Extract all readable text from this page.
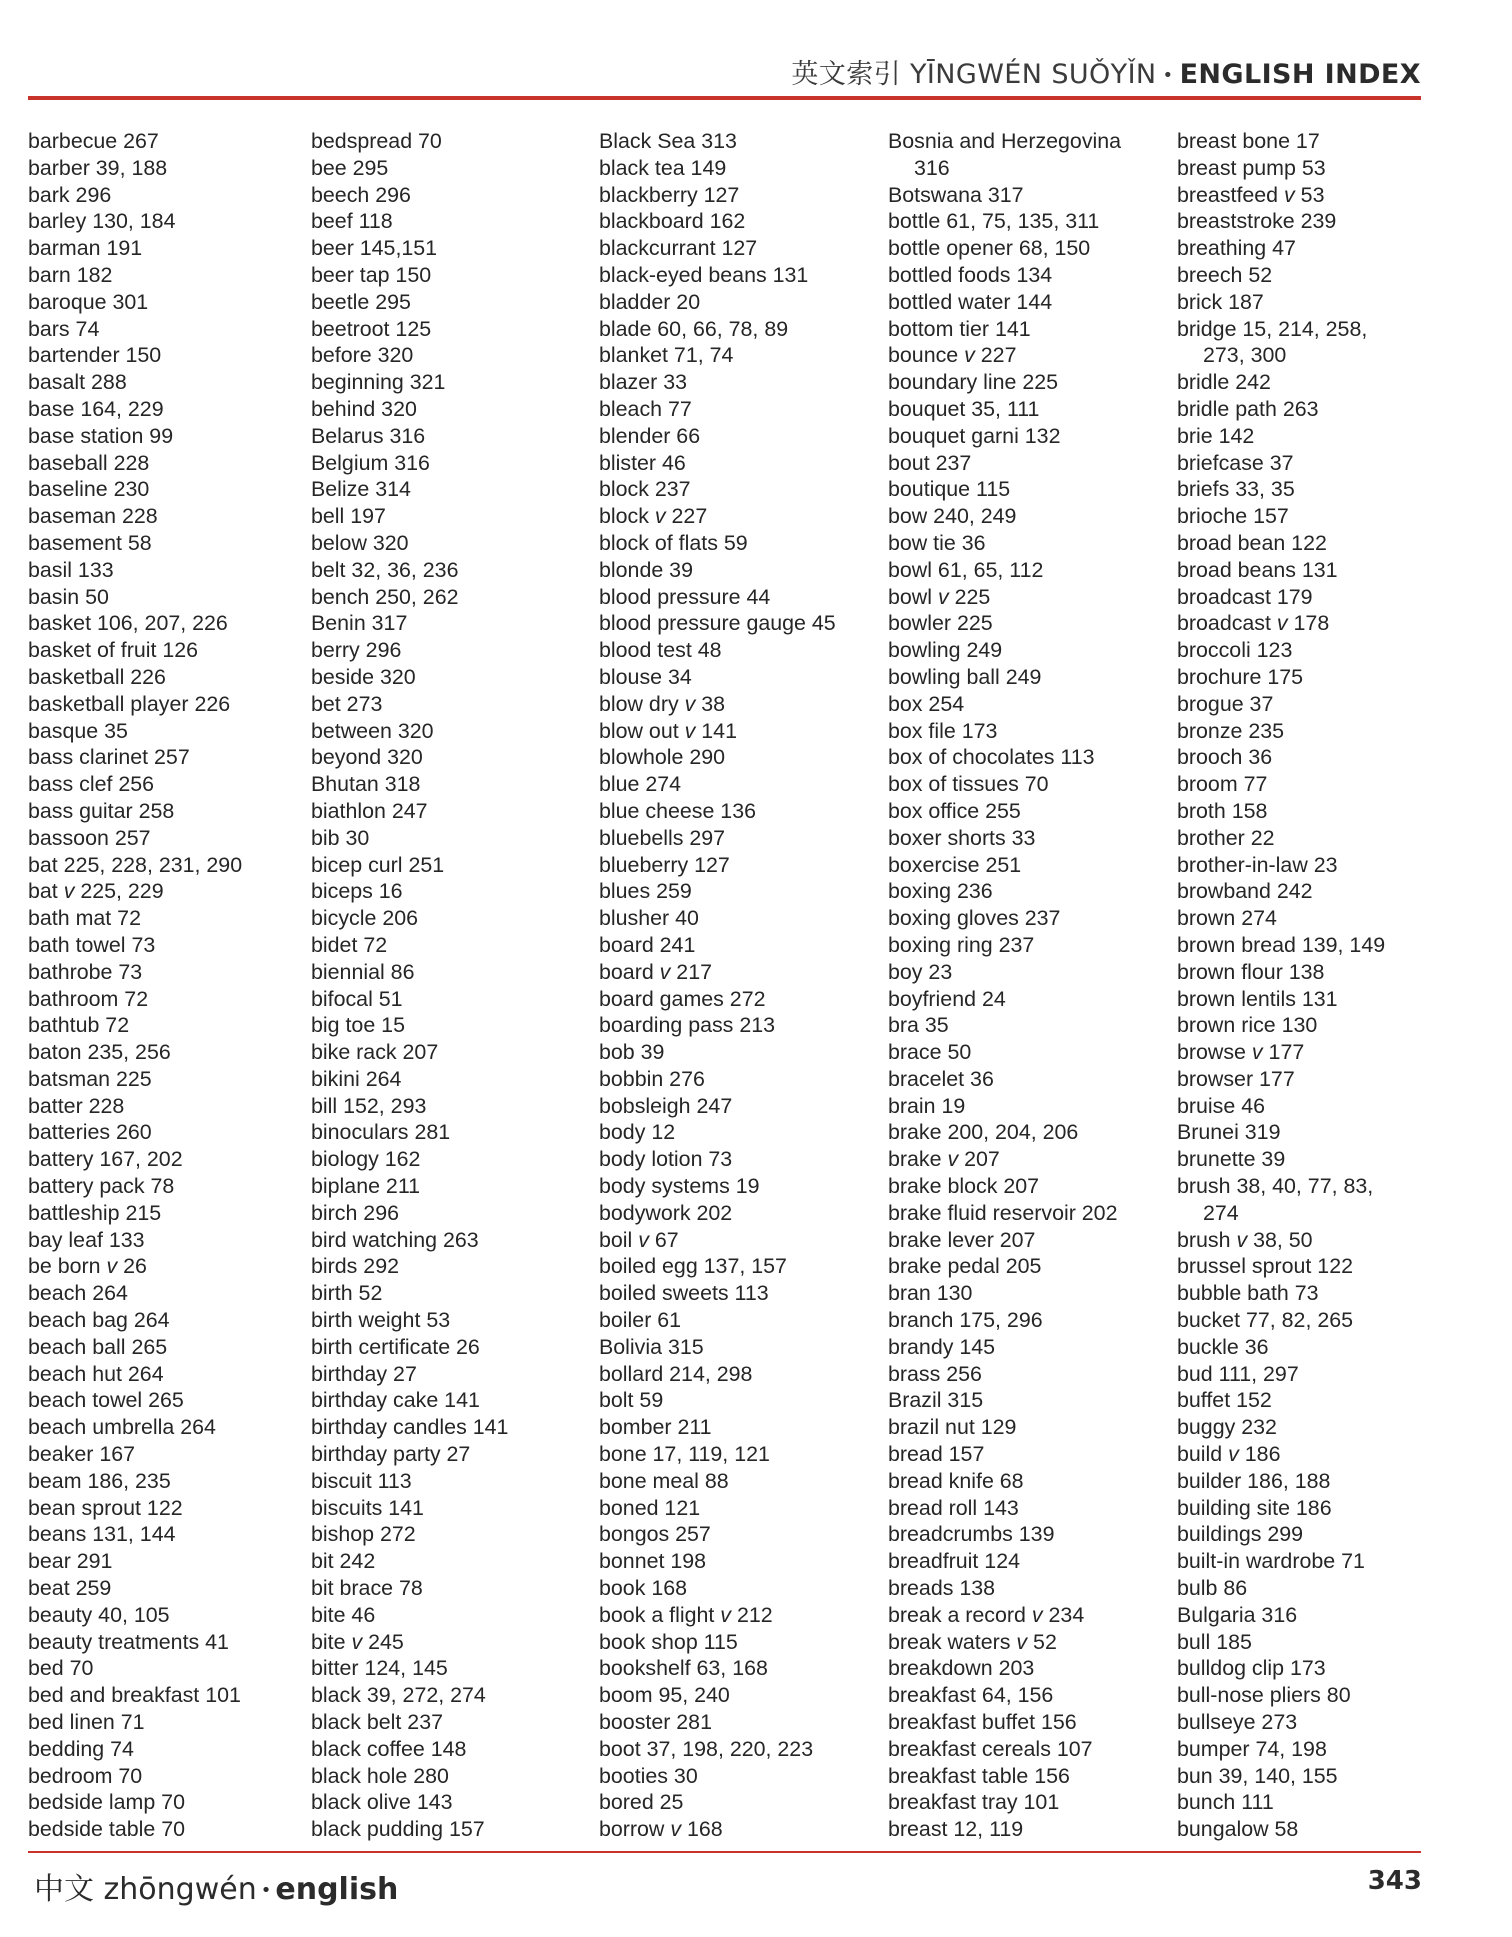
英文索引 YĪNGWÉN SUǑYǏN • ENGLISH INDEX
barbecue 267
barber 39, 188
bark 296
barley 130, 184
barman 191
barn 182
baroque 301
bars 74
bartender 150
basalt 288
base 164, 229
base station 99
baseball 228
baseline 230
baseman 228
basement 58
basil 133
basin 50
basket 106, 207, 226
basket of fruit 126
basketball 226
basketball player 226
basque 35
bass clarinet 257
bass clef 256
bass guitar 258
bassoon 257
bat 225, 228, 231, 290
bat v 225, 229
bath mat 72
bath towel 73
bathrobe 73
bathroom 72
bathtub 72
baton 235, 256
batsman 225
batter 228
batteries 260
battery 167, 202
battery pack 78
battleship 215
bay leaf 133
be born v 26
beach 264
beach bag 264
beach ball 265
beach hut 264
beach towel 265
beach umbrella 264
beaker 167
beam 186, 235
bean sprout 122
beans 131, 144
bear 291
beat 259
beauty 40, 105
beauty treatments 41
bed 70
bed and breakfast 101
bed linen 71
bedding 74
bedroom 70
bedside lamp 70
bedside table 70
bedspread 70
bee 295
beech 296
beef 118
beer 145,151
beer tap 150
beetle 295
beetroot 125
before 320
beginning 321
behind 320
Belarus 316
Belgium 316
Belize 314
bell 197
below 320
belt 32, 36, 236
bench 250, 262
Benin 317
berry 296
beside 320
bet 273
between 320
beyond 320
Bhutan 318
biathlon 247
bib 30
bicep curl 251
biceps 16
bicycle 206
bidet 72
biennial 86
bifocal 51
big toe 15
bike rack 207
bikini 264
bill 152, 293
binoculars 281
biology 162
biplane 211
birch 296
bird watching 263
birds 292
birth 52
birth weight 53
birth certificate 26
birthday 27
birthday cake 141
birthday candles 141
birthday party 27
biscuit 113
biscuits 141
bishop 272
bit 242
bit brace 78
bite 46
bite v 245
bitter 124, 145
black 39, 272, 274
black belt 237
black coffee 148
black hole 280
black olive 143
black pudding 157
Black Sea 313
black tea 149
blackberry 127
blackboard 162
blackcurrant 127
black-eyed beans 131
bladder 20
blade 60, 66, 78, 89
blanket 71, 74
blazer 33
bleach 77
blender 66
blister 46
block 237
block v 227
block of flats 59
blonde 39
blood pressure 44
blood pressure gauge 45
blood test 48
blouse 34
blow dry v 38
blow out v 141
blowhole 290
blue 274
blue cheese 136
bluebells 297
blueberry 127
blues 259
blusher 40
board 241
board v 217
board games 272
boarding pass 213
bob 39
bobbin 276
bobsleigh 247
body 12
body lotion 73
body systems 19
bodywork 202
boil v 67
boiled egg 137, 157
boiled sweets 113
boiler 61
Bolivia 315
bollard 214, 298
bolt 59
bomber 211
bone 17, 119, 121
bone meal 88
boned 121
bongos 257
bonnet 198
book 168
book a flight v 212
book shop 115
bookshelf 63, 168
boom 95, 240
booster 281
boot 37, 198, 220, 223
booties 30
bored 25
borrow v 168
Bosnia and Herzegovina
316
Botswana 317
bottle 61, 75, 135, 311
bottle opener 68, 150
bottled foods 134
bottled water 144
bottom tier 141
bounce v 227
boundary line 225
bouquet 35, 111
bouquet garni 132
bout 237
boutique 115
bow 240, 249
bow tie 36
bowl 61, 65, 112
bowl v 225
bowler 225
bowling 249
bowling ball 249
box 254
box file 173
box of chocolates 113
box of tissues 70
box office 255
boxer shorts 33
boxercise 251
boxing 236
boxing gloves 237
boxing ring 237
boy 23
boyfriend 24
bra 35
brace 50
bracelet 36
brain 19
brake 200, 204, 206
brake v 207
brake block 207
brake fluid reservoir 202
brake lever 207
brake pedal 205
bran 130
branch 175, 296
brandy 145
brass 256
Brazil 315
brazil nut 129
bread 157
bread knife 68
bread roll 143
breadcrumbs 139
breadfruit 124
breads 138
break a record v 234
break waters v 52
breakdown 203
breakfast 64, 156
breakfast buffet 156
breakfast cereals 107
breakfast table 156
breakfast tray 101
breast 12, 119
breast bone 17
breast pump 53
breastfeed v 53
breaststroke 239
breathing 47
breech 52
brick 187
bridge 15, 214, 258,
273, 300
bridle 242
bridle path 263
brie 142
briefcase 37
briefs 33, 35
brioche 157
broad bean 122
broad beans 131
broadcast 179
broadcast v 178
broccoli 123
brochure 175
brogue 37
bronze 235
brooch 36
broom 77
broth 158
brother 22
brother-in-law 23
browband 242
brown 274
brown bread 139, 149
brown flour 138
brown lentils 131
brown rice 130
browse v 177
browser 177
bruise 46
Brunei 319
brunette 39
brush 38, 40, 77, 83,
274
brush v 38, 50
brussel sprout 122
bubble bath 73
bucket 77, 82, 265
buckle 36
bud 111, 297
buffet 152
buggy 232
build v 186
builder 186, 188
building site 186
buildings 299
built-in wardrobe 71
bulb 86
Bulgaria 316
bull 185
bulldog clip 173
bull-nose pliers 80
bullseye 273
bumper 74, 198
bun 39, 140, 155
bunch 111
bungalow 58
中文 zhōngwén • english	343
